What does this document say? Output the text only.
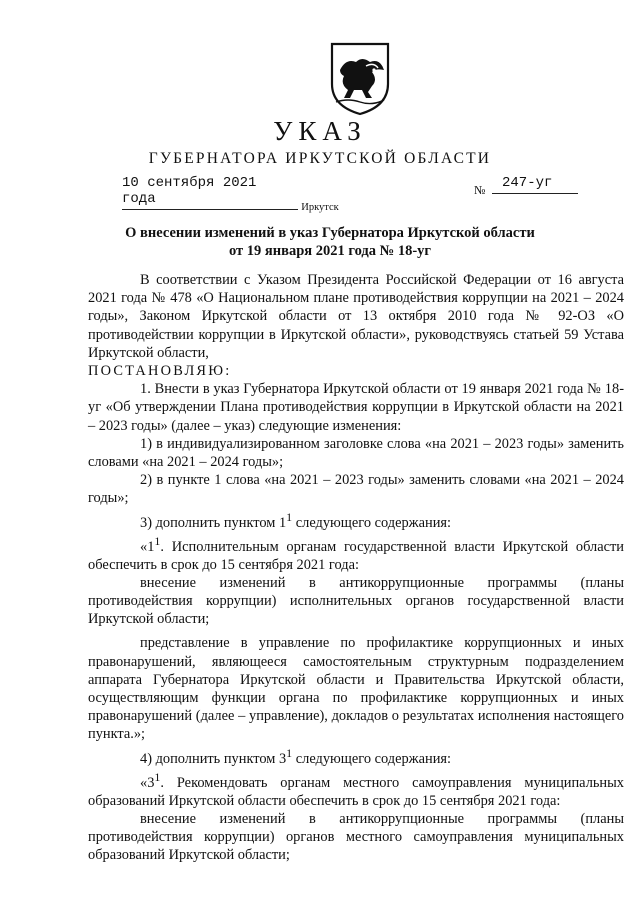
УКАЗ
ГУБЕРНАТОРА ИРКУТСКОЙ ОБЛАСТИ
10 сентября 2021 года
№	247-уг
Иркутск
О внесении изменений в указ Губернатора Иркутской области
от 19 января 2021 года № 18-уг

В соответствии с Указом Президента Российской Федерации от 16 августа 2021 года № 478 «О Национальном плане противодействия коррупции на 2021 – 2024 годы», Законом Иркутской области от 13 октября 2010 года № 92-ОЗ «О противодействии коррупции в Иркутской области», руководствуясь статьей 59 Устава Иркутской области,

ПОСТАНОВЛЯЮ:

1. Внести в указ Губернатора Иркутской области от 19 января 2021 года № 18-уг «Об утверждении Плана противодействия коррупции в Иркутской области на 2021 – 2023 годы» (далее – указ) следующие изменения:

1) в индивидуализированном заголовке слова «на 2021 – 2023 годы» заменить словами «на 2021 – 2024 годы»;

2) в пункте 1 слова «на 2021 – 2023 годы» заменить словами «на 2021 – 2024 годы»;

3) дополнить пунктом $1^1$ следующего содержания:

«$1^1$. Исполнительным органам государственной власти Иркутской области обеспечить в срок до 15 сентября 2021 года:

внесение изменений в антикоррупционные программы (планы противодействия коррупции) исполнительных органов государственной власти Иркутской области;

представление в управление по профилактике коррупционных и иных правонарушений, являющееся самостоятельным структурным подразделением аппарата Губернатора Иркутской области и Правительства Иркутской области, осуществляющим функции органа по профилактике коррупционных и иных правонарушений (далее – управление), докладов о результатах исполнения настоящего пункта.»;

4) дополнить пунктом $3^1$ следующего содержания:

«$3^1$. Рекомендовать органам местного самоуправления муниципальных образований Иркутской области обеспечить в срок до 15 сентября 2021 года:

внесение изменений в антикоррупционные программы (планы противодействия коррупции) органов местного самоуправления муниципальных образований Иркутской области;
